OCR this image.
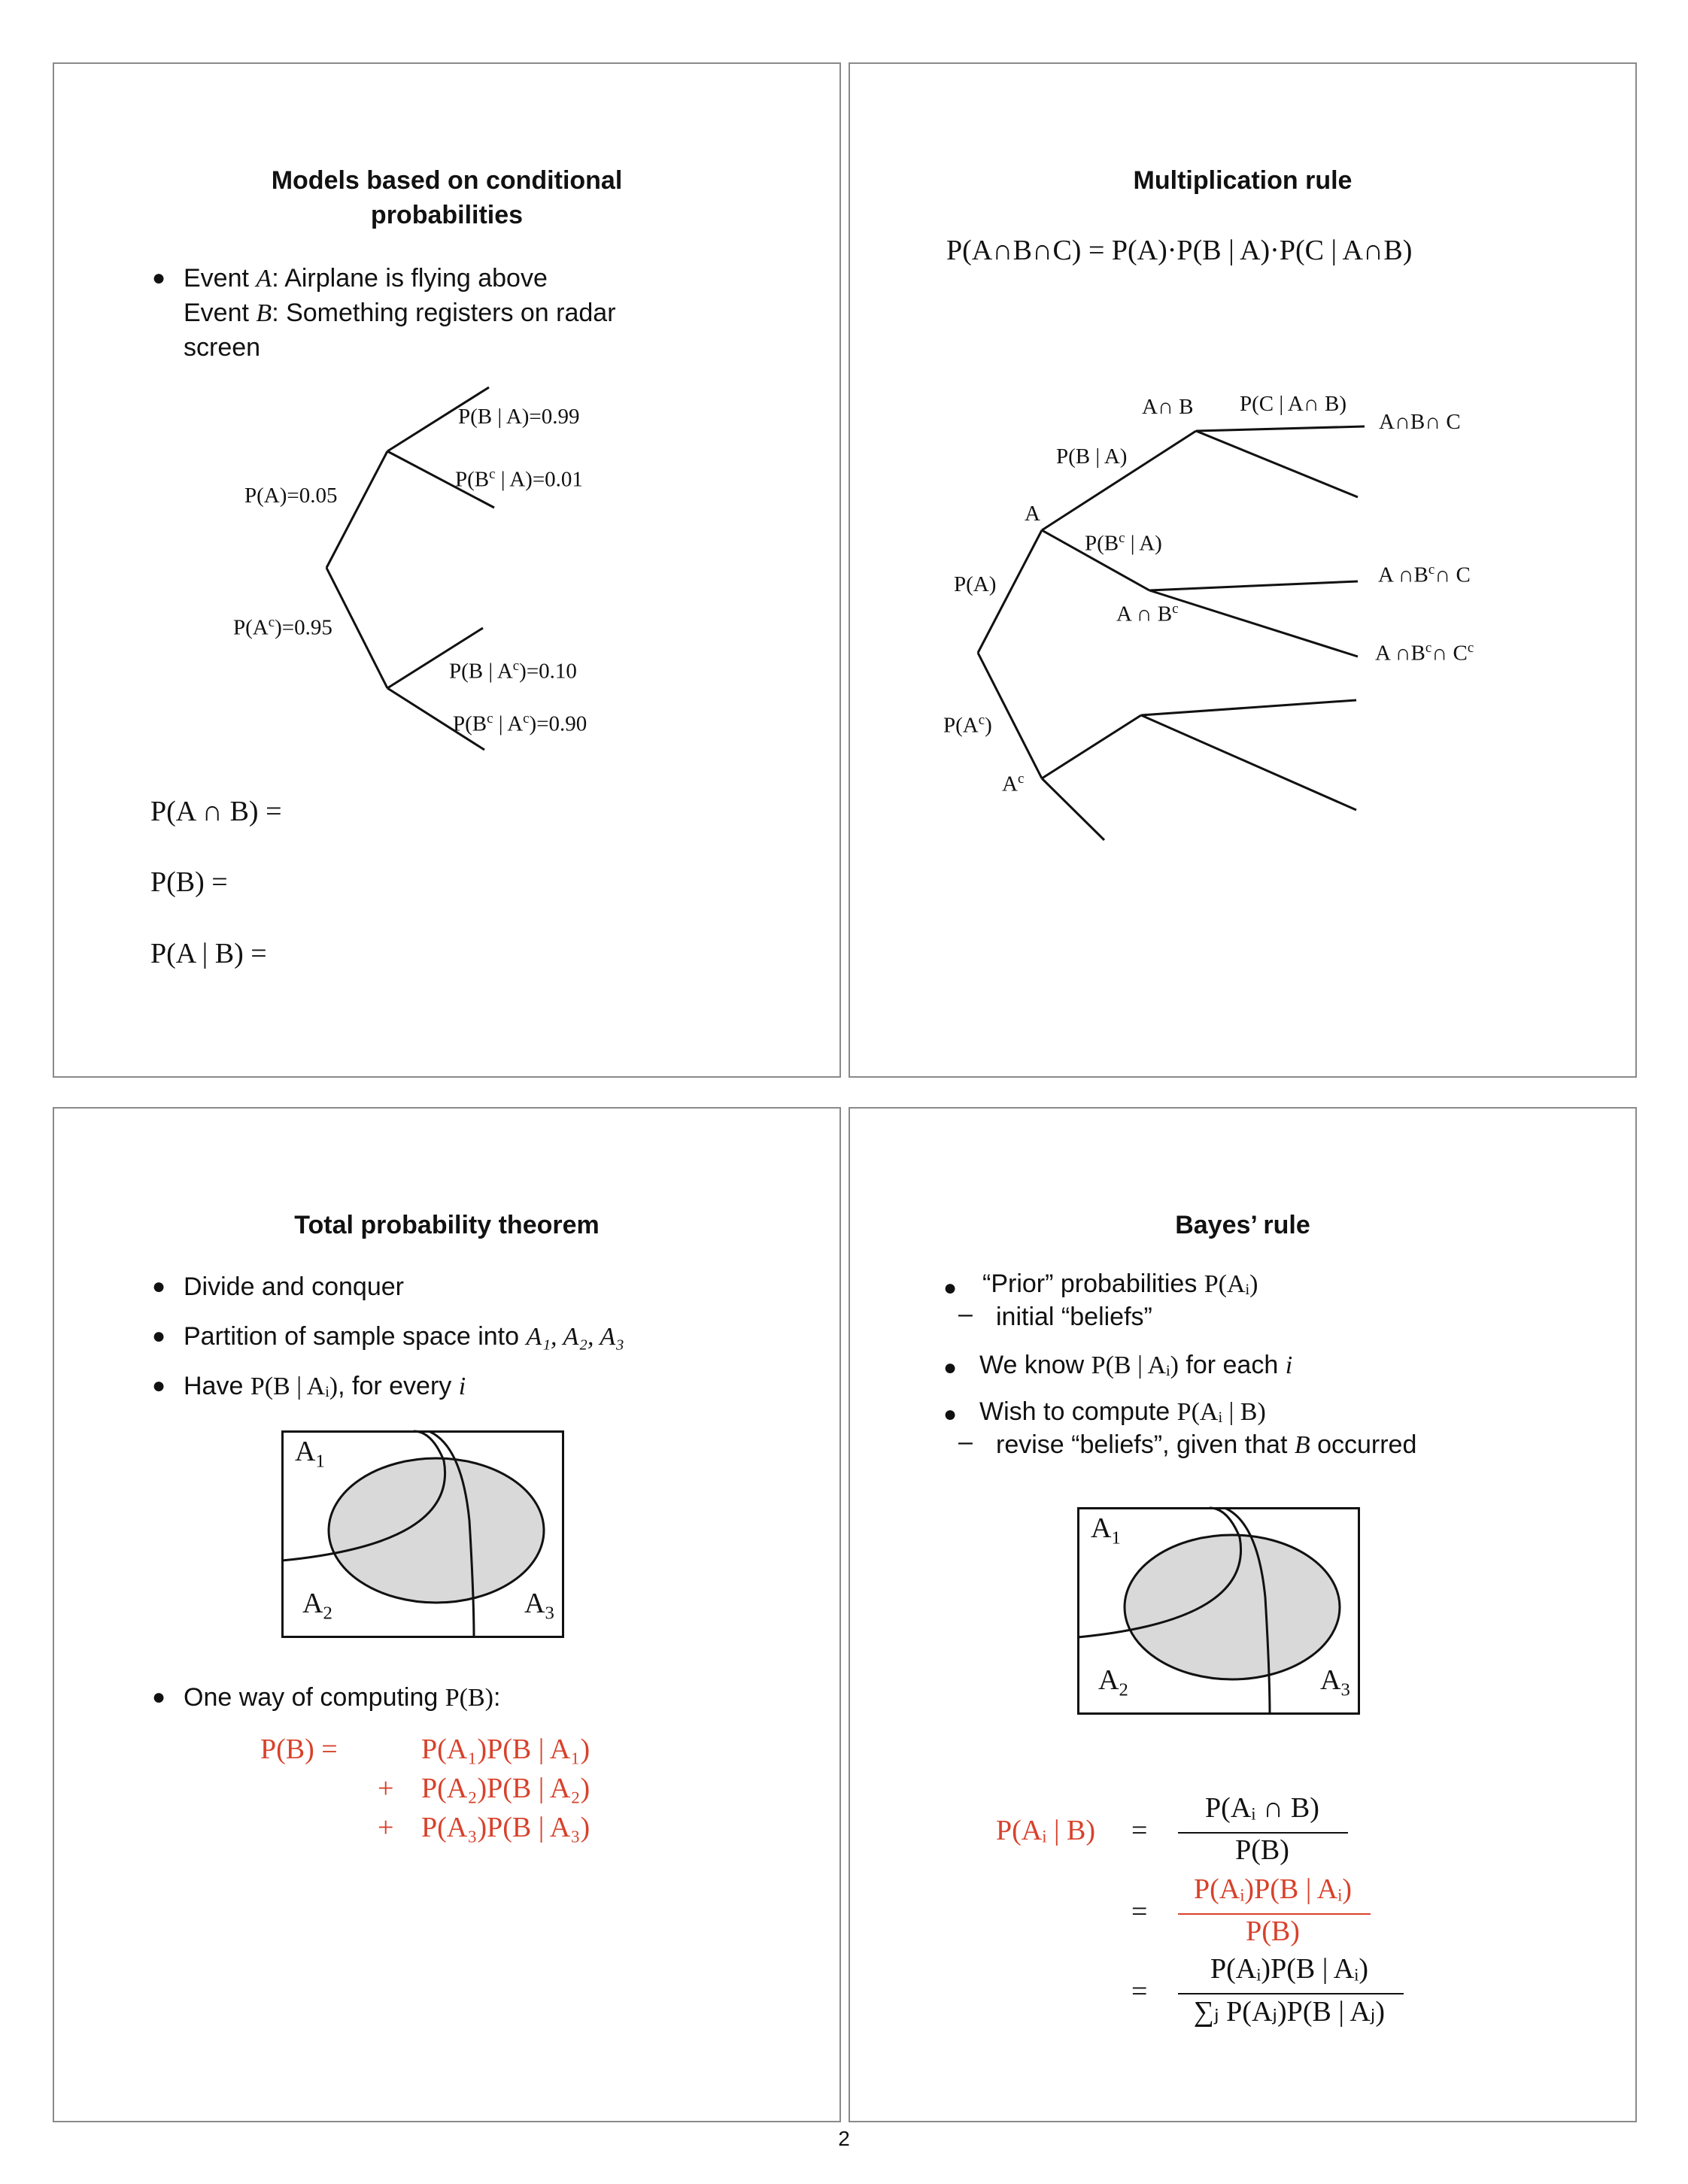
Models based on conditional
probabilities
● Event A: Airplane is flying above
Event B: Something registers on radar
screen
P(A)=0.05
$P(A^c)=0.95$
P(B | A)=0.99
$P(B^c$ | A)=0.01
P(B | $A^c)=0.10$
$P(B^c$ | $A^c)=0.90$
P(A ∩ B) =
P(B) =
P(A | B) =
Multiplication rule
P(A∩B∩C) = P(A)·P(B | A)·P(C | A∩B)
A∩ B P(C | A∩ B)
A∩B∩ C
P(B | A)
A
$P(B^c$ | A)
P(A)
A ∩ $B^c$
A $\cap B^c\cap$ C
A $\cap B^c\cap$ $C^c$
$P(A^c)$
$A^c$
Total probability theorem
● Divide and conquer
● Partition of sample space into A₁, A₂, A₃
● Have P(B | Aᵢ), for every i
$A_1$
$A_2$	$A_3$
● One way of computing P(B):
P(B) =	P(A₁)P(B | A₁)
+ P(A₂)P(B | A₂)
+ P(A₃)P(B | A₃)
Bayes’ rule
● “Prior” probabilities P(Aᵢ)
– initial “beliefs”
● We know P(B | Aᵢ) for each i
● Wish to compute P(Aᵢ | B)
– revise “beliefs”, given that B occurred
$A_1$
$A_2$	$A_3$
P(Aᵢ | B) =
P(Aᵢ ∩ B)
P(B)
=
P(Aᵢ)P(B | Aᵢ)
P(B)
=
P(Aᵢ)P(B | Aᵢ)
∑ⱼ P(Aⱼ)P(B | Aⱼ)
2
